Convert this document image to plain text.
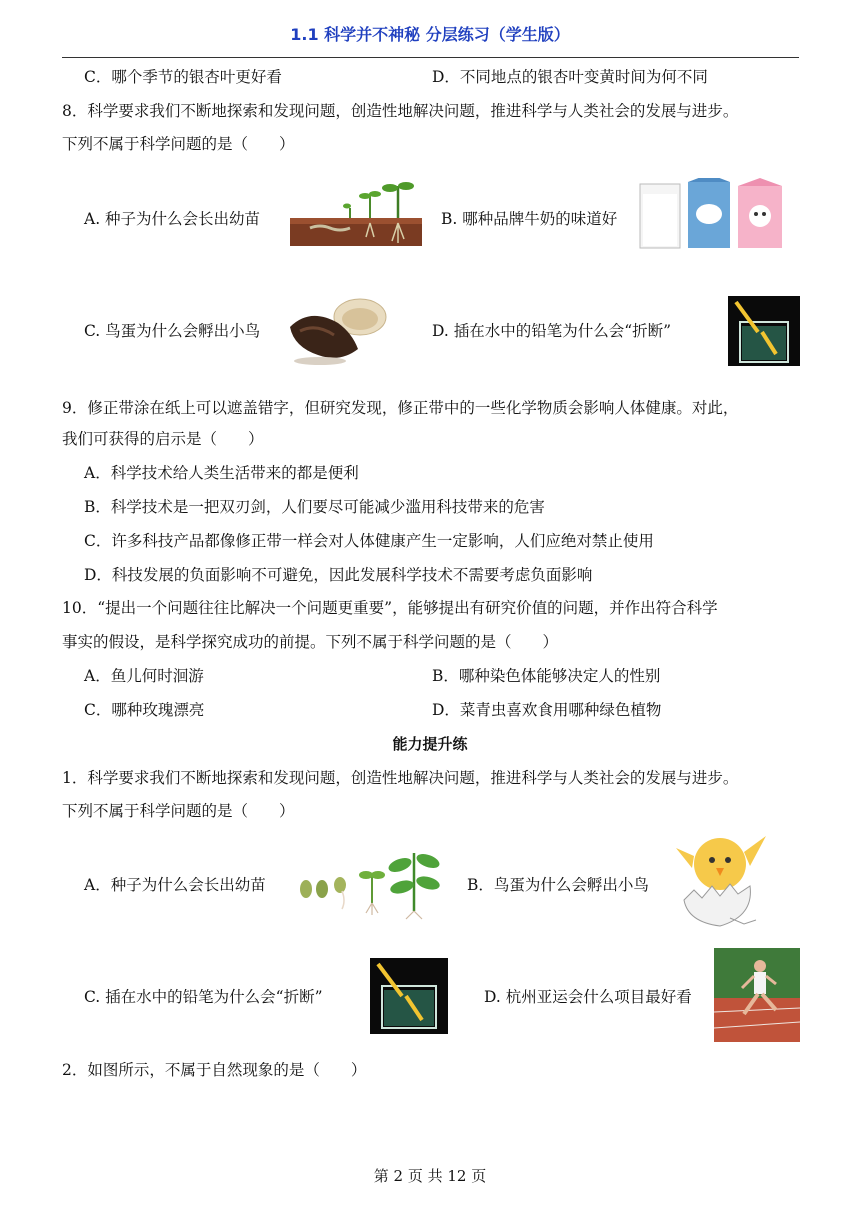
1.1 科学并不神秘 分层练习（学生版）
C．哪个季节的银杏叶更好看	D．不同地点的银杏叶变黄时间为何不同
8．科学要求我们不断地探索和发现问题，创造性地解决问题，推进科学与人类社会的发展与进步。
下列不属于科学问题的是（　　）
A. 种子为什么会长出幼苗	B. 哪种品牌牛奶的味道好
C. 鸟蛋为什么会孵出小鸟	D. 插在水中的铅笔为什么会“折断”
9．修正带涂在纸上可以遮盖错字，但研究发现，修正带中的一些化学物质会影响人体健康。对此，
我们可获得的启示是（　　）
A．科学技术给人类生活带来的都是便利
B．科学技术是一把双刃剑，人们要尽可能减少滥用科技带来的危害
C．许多科技产品都像修正带一样会对人体健康产生一定影响，人们应绝对禁止使用
D．科技发展的负面影响不可避免，因此发展科学技术不需要考虑负面影响
10．“提出一个问题往往比解决一个问题更重要”，能够提出有研究价值的问题，并作出符合科学
事实的假设，是科学探究成功的前提。下列不属于科学问题的是（　　）
A．鱼儿何时洄游	B．哪种染色体能够决定人的性别
C．哪种玫瑰漂亮	D．菜青虫喜欢食用哪种绿色植物
能力提升练
1．科学要求我们不断地探索和发现问题，创造性地解决问题，推进科学与人类社会的发展与进步。
下列不属于科学问题的是（　　）
A．种子为什么会长出幼苗	B．鸟蛋为什么会孵出小鸟
C. 插在水中的铅笔为什么会“折断”	D. 杭州亚运会什么项目最好看
2．如图所示，不属于自然现象的是（　　）
第 2 页 共 12 页
